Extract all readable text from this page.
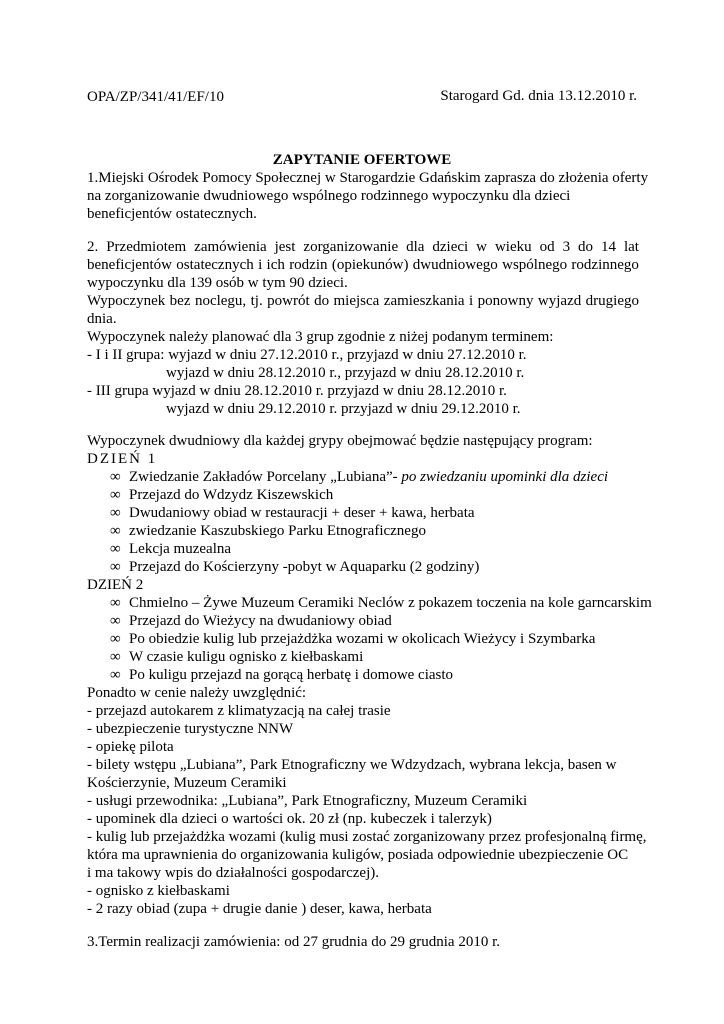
OPA/ZP/341/41/EF/10	Starogard Gd. dnia 13.12.2010 r.
ZAPYTANIE OFERTOWE
1.Miejski Ośrodek Pomocy Społecznej w Starogardzie Gdańskim zaprasza do złożenia oferty
na zorganizowanie dwudniowego wspólnego rodzinnego wypoczynku dla dzieci
beneficjentów ostatecznych.
2. Przedmiotem zamówienia jest zorganizowanie dla dzieci w wieku od 3 do 14 lat
beneficjentów ostatecznych i ich rodzin (opiekunów) dwudniowego wspólnego rodzinnego
wypoczynku dla 139 osób w tym 90 dzieci.
Wypoczynek bez noclegu, tj. powrót do miejsca zamieszkania i ponowny wyjazd drugiego
dnia.
Wypoczynek należy planować dla 3 grup zgodnie z niżej podanym terminem:
- I i II grupa: wyjazd w dniu 27.12.2010 r., przyjazd w dniu 27.12.2010 r.
wyjazd w dniu 28.12.2010 r., przyjazd w dniu 28.12.2010 r.
- III grupa wyjazd w dniu 28.12.2010 r. przyjazd w dniu 28.12.2010 r.
wyjazd w dniu 29.12.2010 r. przyjazd w dniu 29.12.2010 r.
Wypoczynek dwudniowy dla każdej grypy obejmować będzie następujący program:
DZIEŃ 1
∞ Zwiedzanie Zakładów Porcelany „Lubiana”- po zwiedzaniu upominki dla dzieci
∞ Przejazd do Wdzydz Kiszewskich
∞ Dwudaniowy obiad w restauracji + deser + kawa, herbata
∞ zwiedzanie Kaszubskiego Parku Etnograficznego
∞ Lekcja muzealna
∞ Przejazd do Kościerzyny -pobyt w Aquaparku (2 godziny)
DZIEŃ 2
∞ Chmielno – Żywe Muzeum Ceramiki Neclów z pokazem toczenia na kole garncarskim
∞ Przejazd do Wieżycy na dwudaniowy obiad
∞ Po obiedzie kulig lub przejażdżka wozami w okolicach Wieżycy i Szymbarka
∞ W czasie kuligu ognisko z kiełbaskami
∞ Po kuligu przejazd na gorącą herbatę i domowe ciasto
Ponadto w cenie należy uwzględnić:
- przejazd autokarem z klimatyzacją na całej trasie
- ubezpieczenie turystyczne NNW
- opiekę pilota
- bilety wstępu „Lubiana”, Park Etnograficzny we Wdzydzach, wybrana lekcja, basen w
Kościerzynie, Muzeum Ceramiki
- usługi przewodnika: „Lubiana”, Park Etnograficzny, Muzeum Ceramiki
- upominek dla dzieci o wartości ok. 20 zł (np. kubeczek i talerzyk)
- kulig lub przejażdżka wozami (kulig musi zostać zorganizowany przez profesjonalną firmę,
która ma uprawnienia do organizowania kuligów, posiada odpowiednie ubezpieczenie OC
i ma takowy wpis do działalności gospodarczej).
- ognisko z kiełbaskami
- 2 razy obiad (zupa + drugie danie ) deser, kawa, herbata
3.Termin realizacji zamówienia: od 27 grudnia do 29 grudnia 2010 r.
